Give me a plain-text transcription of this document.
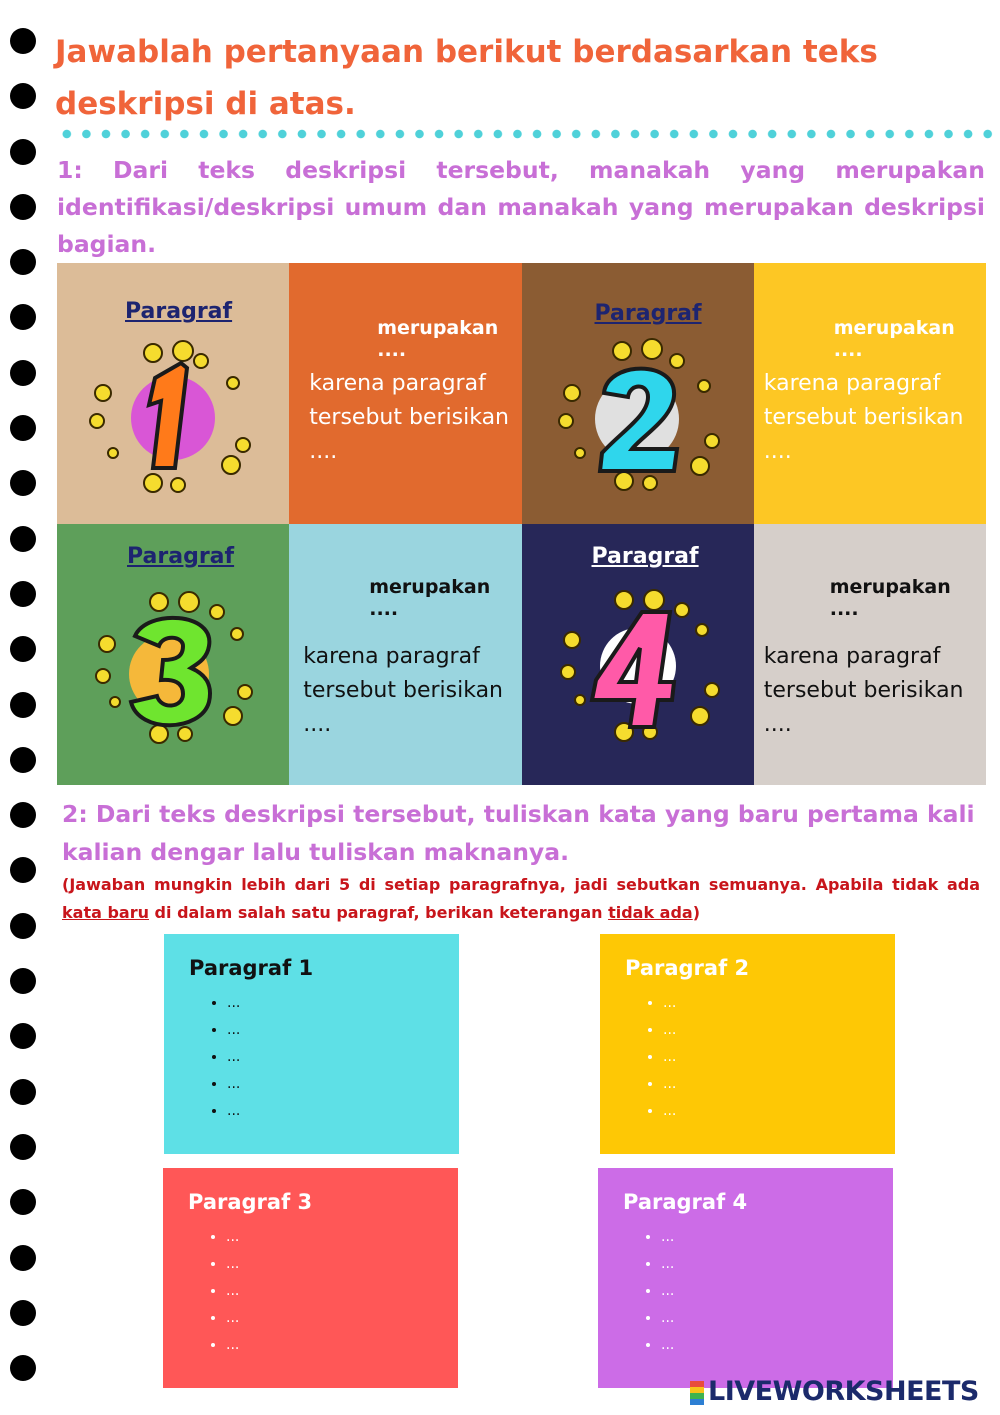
Jawablah pertanyaan berikut berdasarkan teks deskripsi di atas.

1: Dari teks deskripsi tersebut, manakah yang merupakan identifikasi/deskripsi umum dan manakah yang merupakan deskripsi bagian.

Paragraf
merupakan ....

karena paragraf
tersebut berisikan
....

Paragraf
merupakan ....

karena paragraf
tersebut berisikan
....

Paragraf
merupakan ....

karena paragraf
tersebut berisikan
....

Paragraf
merupakan ....

karena paragraf
tersebut berisikan
....

2: Dari teks deskripsi tersebut, tuliskan kata yang baru pertama kali kalian dengar lalu tuliskan maknanya.

(Jawaban mungkin lebih dari 5 di setiap paragrafnya, jadi sebutkan semuanya. Apabila tidak ada kata baru di dalam salah satu paragraf, berikan keterangan tidak ada)

Paragraf 1
• ...
• ...
• ...
• ...
• ...
Paragraf 2
• ...
• ...
• ...
• ...
• ...
Paragraf 3
• ...
• ...
• ...
• ...
• ...
Paragraf 4
• ...
• ...
• ...
• ...
• ...
LIVEWORKSHEETS
